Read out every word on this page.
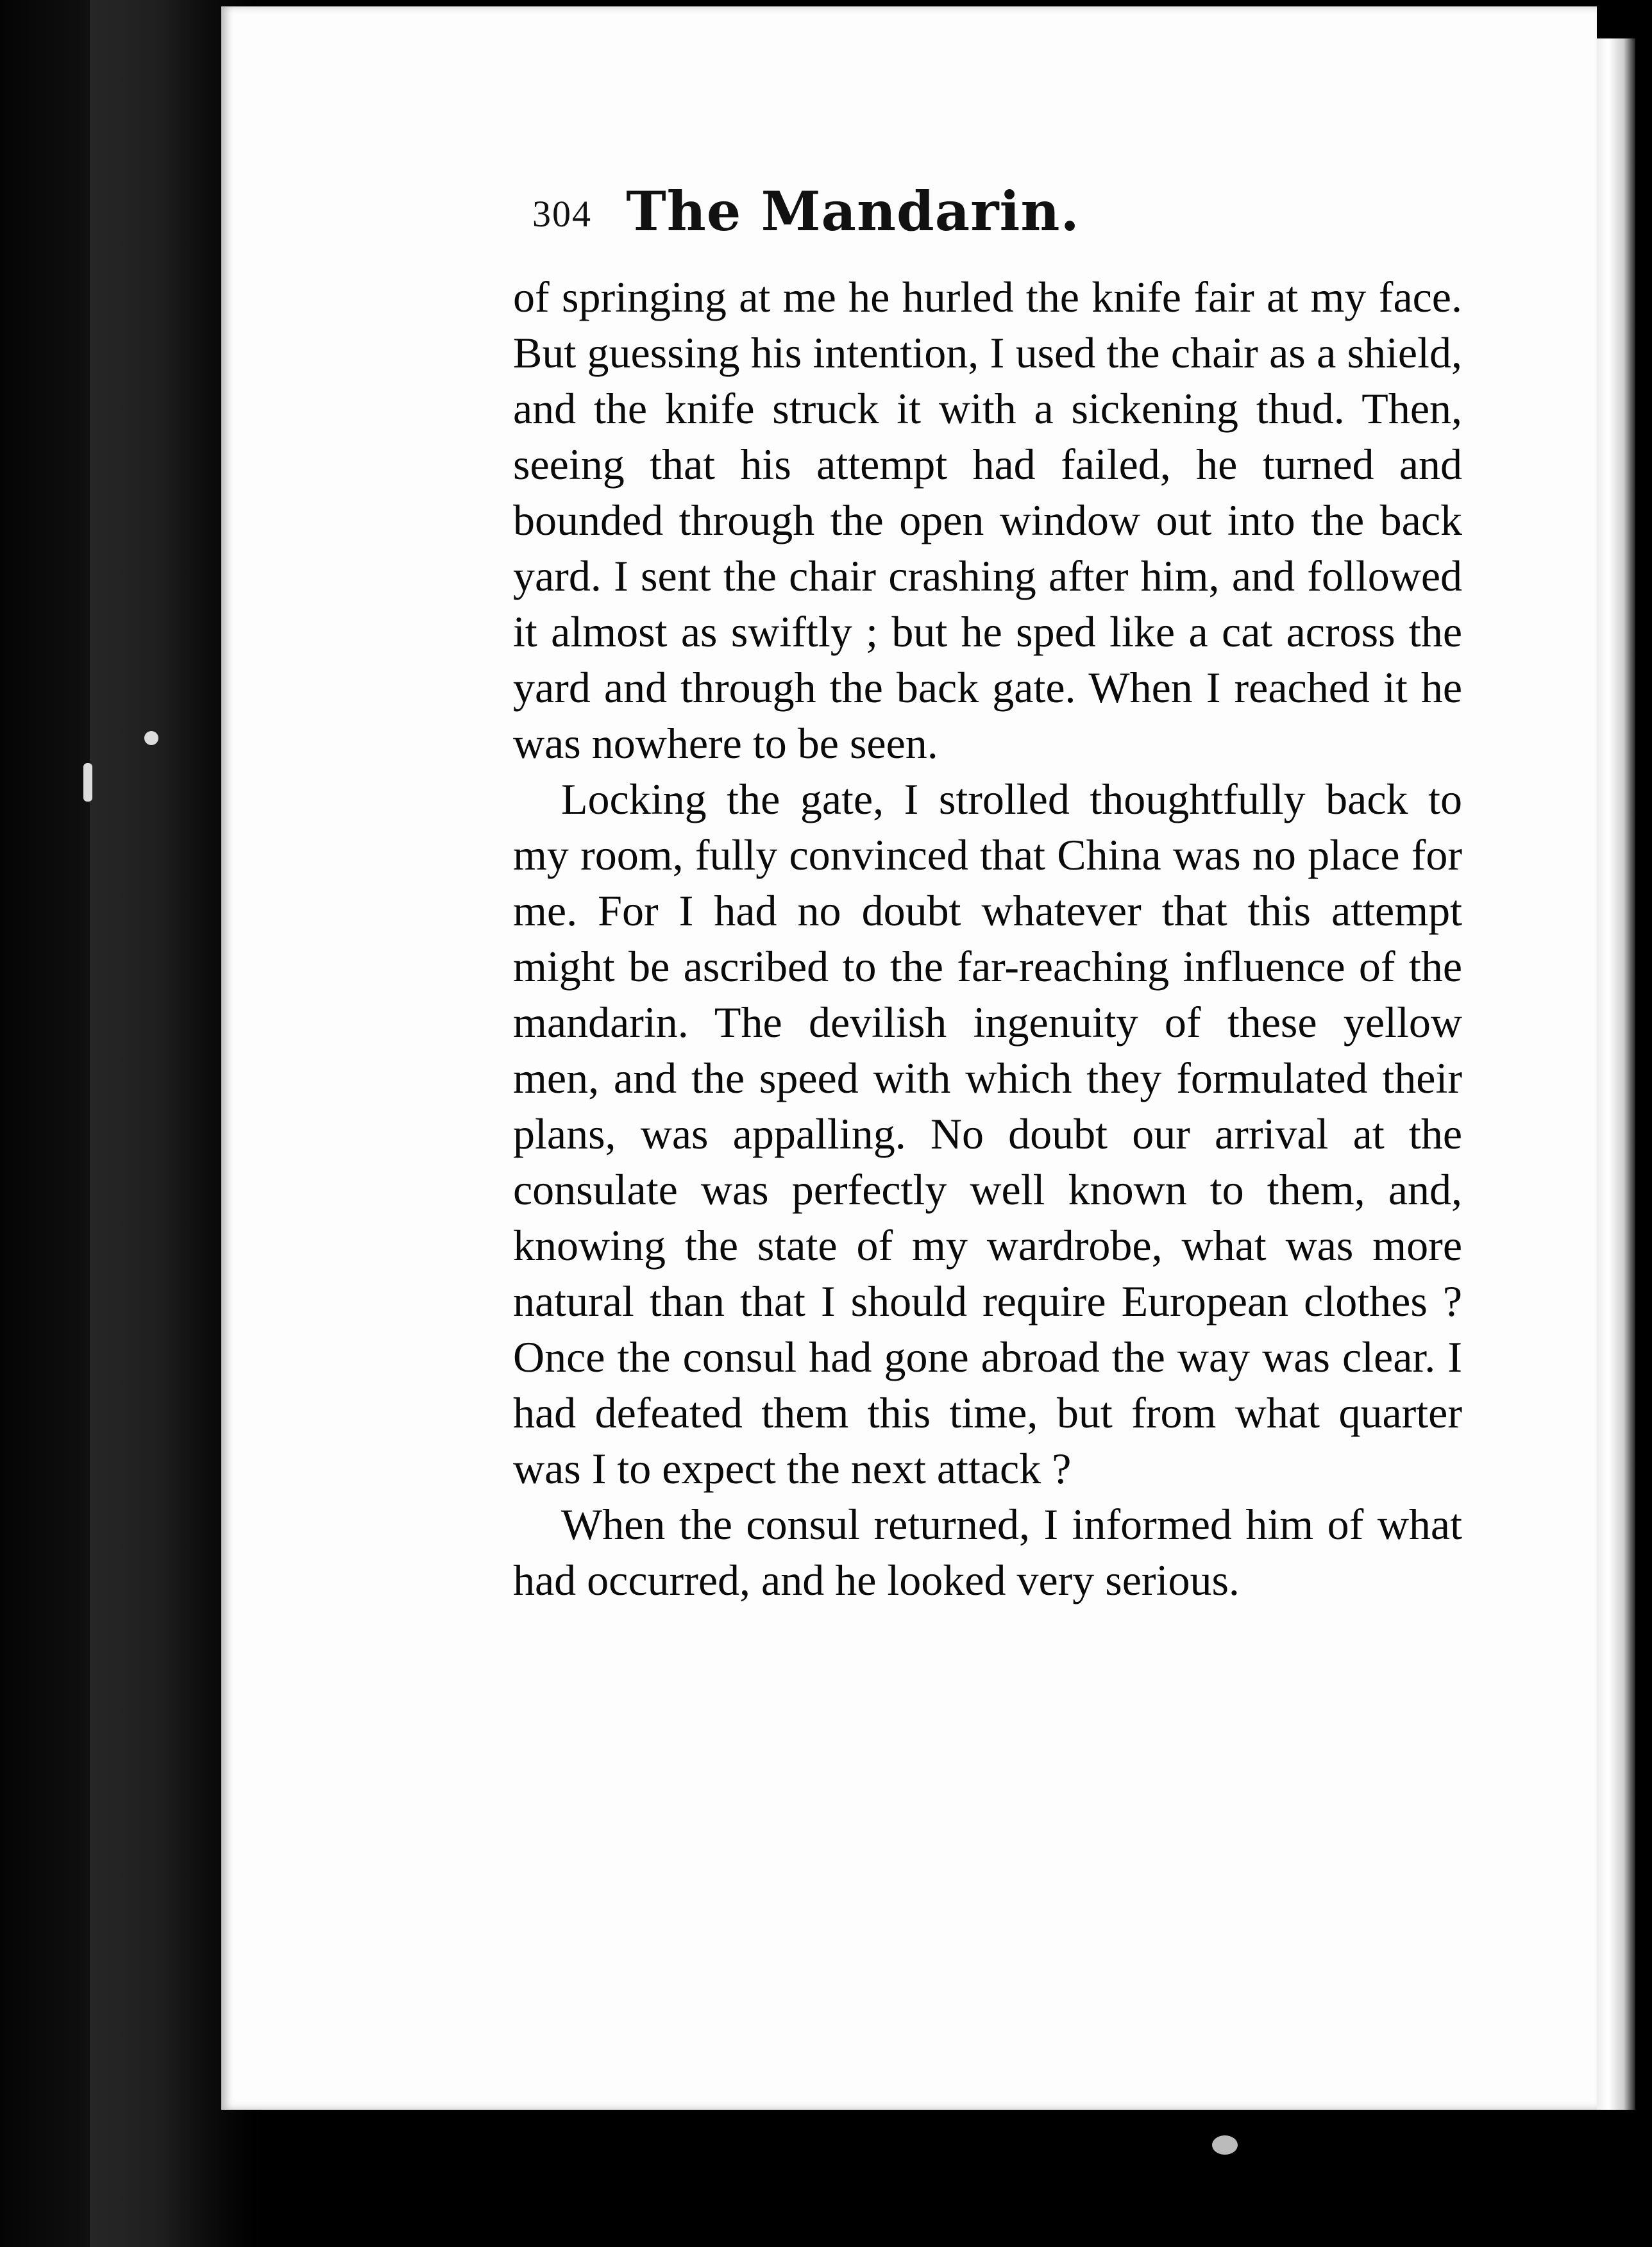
304 The Mandarin.

of springing at me he hurled the knife fair at my face. But guessing his intention, I used the chair as a shield, and the knife struck it with a sickening thud. Then, seeing that his attempt had failed, he turned and bounded through the open window out into the back yard. I sent the chair crashing after him, and followed it almost as swiftly ; but he sped like a cat across the yard and through the back gate. When I reached it he was nowhere to be seen.

Locking the gate, I strolled thoughtfully back to my room, fully convinced that China was no place for me. For I had no doubt whatever that this attempt might be ascribed to the far-reaching influence of the mandarin. The devilish ingenuity of these yellow men, and the speed with which they formulated their plans, was appalling. No doubt our arrival at the consulate was perfectly well known to them, and, knowing the state of my wardrobe, what was more natural than that I should require European clothes ? Once the consul had gone abroad the way was clear. I had defeated them this time, but from what quarter was I to expect the next attack ?

When the consul returned, I informed him of what had occurred, and he looked very serious.
